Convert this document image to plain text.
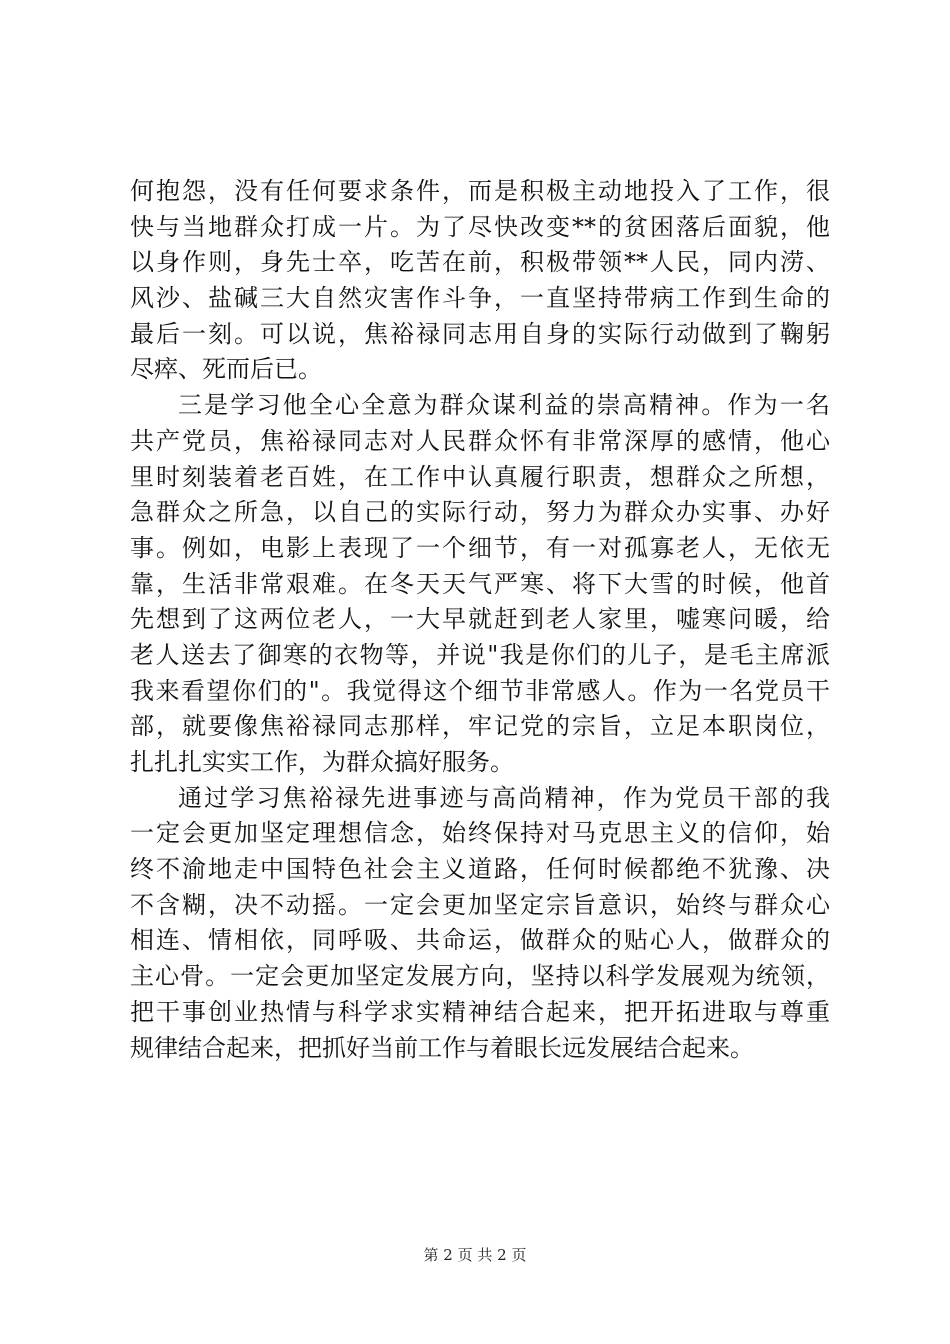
何抱怨，没有任何要求条件，而是积极主动地投入了工作，很
快与当地群众打成一片。为了尽快改变**的贫困落后面貌，他
以身作则，身先士卒，吃苦在前，积极带领**人民，同内涝、
风沙、盐碱三大自然灾害作斗争，一直坚持带病工作到生命的
最后一刻。可以说，焦裕禄同志用自身的实际行动做到了鞠躬
尽瘁、死而后已。
三是学习他全心全意为群众谋利益的崇高精神。作为一名
共产党员，焦裕禄同志对人民群众怀有非常深厚的感情，他心
里时刻装着老百姓，在工作中认真履行职责，想群众之所想，
急群众之所急，以自己的实际行动，努力为群众办实事、办好
事。例如，电影上表现了一个细节，有一对孤寡老人，无依无
靠，生活非常艰难。在冬天天气严寒、将下大雪的时候，他首
先想到了这两位老人，一大早就赶到老人家里，嘘寒问暖，给
老人送去了御寒的衣物等，并说"我是你们的儿子，是毛主席派
我来看望你们的"。我觉得这个细节非常感人。作为一名党员干
部，就要像焦裕禄同志那样，牢记党的宗旨，立足本职岗位，
扎扎扎实实工作，为群众搞好服务。
通过学习焦裕禄先进事迹与高尚精神，作为党员干部的我
一定会更加坚定理想信念，始终保持对马克思主义的信仰，始
终不渝地走中国特色社会主义道路，任何时候都绝不犹豫、决
不含糊，决不动摇。一定会更加坚定宗旨意识，始终与群众心
相连、情相依，同呼吸、共命运，做群众的贴心人，做群众的
主心骨。一定会更加坚定发展方向，坚持以科学发展观为统领，
把干事创业热情与科学求实精神结合起来，把开拓进取与尊重
规律结合起来，把抓好当前工作与着眼长远发展结合起来。
第 2 页 共 2 页
